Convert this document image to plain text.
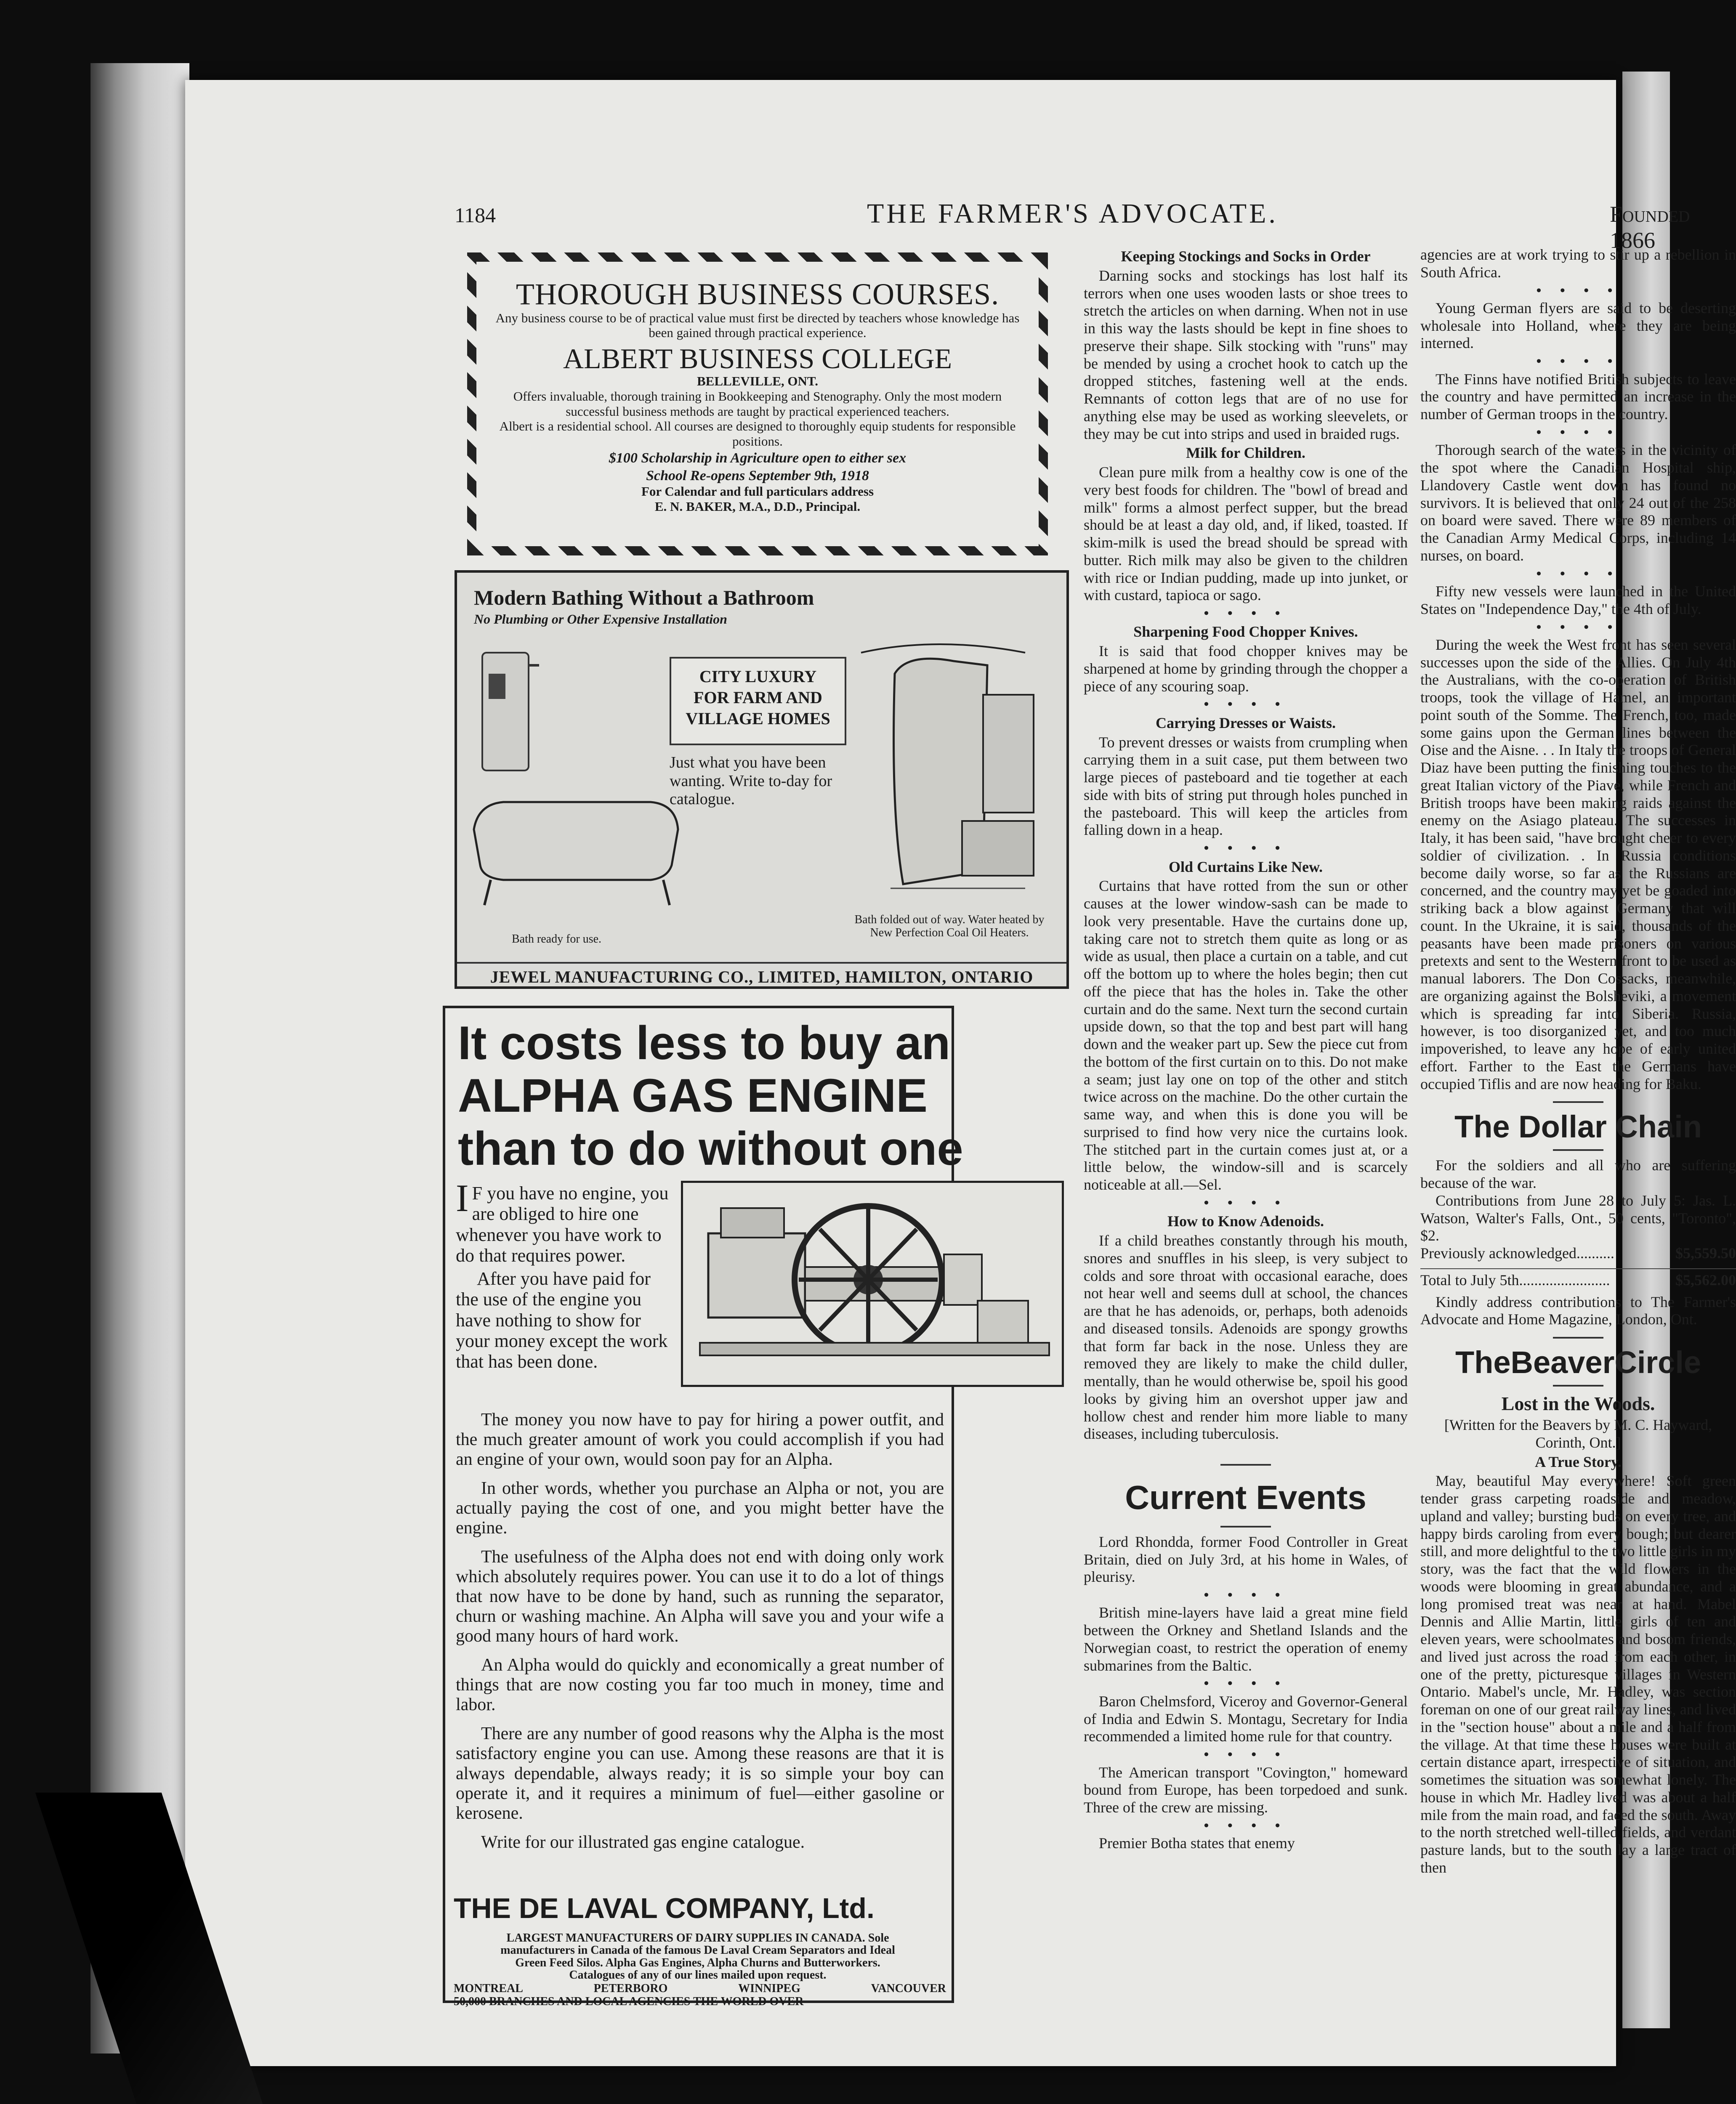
1184	THE FARMER'S ADVOCATE.	Founded 1866

THOROUGH BUSINESS COURSES.

Any business course to be of practical value must first be directed by teachers whose knowledge has been gained through practical experience.

ALBERT BUSINESS COLLEGE

BELLEVILLE, ONT.

Offers invaluable, thorough training in Bookkeeping and Stenography. Only the most modern successful business methods are taught by practical experienced teachers.

Albert is a residential school. All courses are designed to thoroughly equip students for responsible positions.

$100 Scholarship in Agriculture open to either sex

School Re-opens September 9th, 1918

For Calendar and full particulars address

E. N. BAKER, M.A., D.D., Principal.

Modern Bathing Without a Bathroom
No Plumbing or Other Expensive Installation
CITY LUXURY
FOR FARM AND
VILLAGE HOMES
Just what you have been wanting. Write to-day for catalogue.
Bath ready for use.
Bath folded out of way. Water heated by New Perfection Coal Oil Heaters.
JEWEL MANUFACTURING CO., LIMITED, HAMILTON, ONTARIO
It costs less to buy an
ALPHA GAS ENGINE
than to do without one
I F you have no engine, you are obliged to hire one whenever you have work to do that requires power.
After you have paid for the use of the engine you have nothing to show for your money except the work that has been done.

The money you now have to pay for hiring a power outfit, and the much greater amount of work you could accomplish if you had an engine of your own, would soon pay for an Alpha.

In other words, whether you purchase an Alpha or not, you are actually paying the cost of one, and you might better have the engine.

The usefulness of the Alpha does not end with doing only work which absolutely requires power. You can use it to do a lot of things that now have to be done by hand, such as running the separator, churn or washing machine. An Alpha will save you and your wife a good many hours of hard work.

An Alpha would do quickly and economically a great number of things that are now costing you far too much in money, time and labor.

There are any number of good reasons why the Alpha is the most satisfactory engine you can use. Among these reasons are that it is always dependable, always ready; it is so simple your boy can operate it, and it requires a minimum of fuel—either gasoline or kerosene.

Write for our illustrated gas engine catalogue.

THE DE LAVAL COMPANY, Ltd.
LARGEST MANUFACTURERS OF DAIRY SUPPLIES IN CANADA. Sole manufacturers in Canada of the famous De Laval Cream Separators and Ideal Green Feed Silos. Alpha Gas Engines, Alpha Churns and Butterworkers. Catalogues of any of our lines mailed upon request.
MONTREAL	PETERBORO	WINNIPEG	VANCOUVER
50,000 BRANCHES AND LOCAL AGENCIES THE WORLD OVER
Keeping Stockings and Socks in Order

Darning socks and stockings has lost half its terrors when one uses wooden lasts or shoe trees to stretch the articles on when darning. When not in use in this way the lasts should be kept in fine shoes to preserve their shape. Silk stocking with "runs" may be mended by using a crochet hook to catch up the dropped stitches, fastening well at the ends. Remnants of cotton legs that are of no use for anything else may be used as working sleevelets, or they may be cut into strips and used in braided rugs.

Milk for Children.

Clean pure milk from a healthy cow is one of the very best foods for children. The "bowl of bread and milk" forms a almost perfect supper, but the bread should be at least a day old, and, if liked, toasted. If skim-milk is used the bread should be spread with butter. Rich milk may also be given to the children with rice or Indian pudding, made up into junket, or with custard, tapioca or sago.

• • • •
Sharpening Food Chopper Knives.

It is said that food chopper knives may be sharpened at home by grinding through the chopper a piece of any scouring soap.

• • • •
Carrying Dresses or Waists.

To prevent dresses or waists from crumpling when carrying them in a suit case, put them between two large pieces of pasteboard and tie together at each side with bits of string put through holes punched in the pasteboard. This will keep the articles from falling down in a heap.

• • • •
Old Curtains Like New.

Curtains that have rotted from the sun or other causes at the lower window-sash can be made to look very presentable. Have the curtains done up, taking care not to stretch them quite as long or as wide as usual, then place a curtain on a table, and cut off the bottom up to where the holes begin; then cut off the piece that has the holes in. Take the other curtain and do the same. Next turn the second curtain upside down, so that the top and best part will hang down and the weaker part up. Sew the piece cut from the bottom of the first curtain on to this. Do not make a seam; just lay one on top of the other and stitch twice across on the machine. Do the other curtain the same way, and when this is done you will be surprised to find how very nice the curtains look. The stitched part in the curtain comes just at, or a little below, the window-sill and is scarcely noticeable at all.—Sel.

• • • •
How to Know Adenoids.

If a child breathes constantly through his mouth, snores and snuffles in his sleep, is very subject to colds and sore throat with occasional earache, does not hear well and seems dull at school, the chances are that he has adenoids, or, perhaps, both adenoids and diseased tonsils. Adenoids are spongy growths that form far back in the nose. Unless they are removed they are likely to make the child duller, mentally, than he would otherwise be, spoil his good looks by giving him an overshot upper jaw and hollow chest and render him more liable to many diseases, including tuberculosis.

Current Events

Lord Rhondda, former Food Controller in Great Britain, died on July 3rd, at his home in Wales, of pleurisy.

• • • •

British mine-layers have laid a great mine field between the Orkney and Shetland Islands and the Norwegian coast, to restrict the operation of enemy submarines from the Baltic.

• • • •

Baron Chelmsford, Viceroy and Governor-General of India and Edwin S. Montagu, Secretary for India recommended a limited home rule for that country.

• • • •

The American transport "Covington," homeward bound from Europe, has been torpedoed and sunk. Three of the crew are missing.

• • • •

Premier Botha states that enemy

agencies are at work trying to stir up a rebellion in South Africa.

• • • •

Young German flyers are said to be deserting wholesale into Holland, where they are being interned.

• • • •

The Finns have notified British subjects to leave the country and have permitted an increase in the number of German troops in the country.

• • • •

Thorough search of the waters in the vicinity of the spot where the Canadian Hospital ship, Llandovery Castle went down has found no survivors. It is believed that only 24 out of the 258 on board were saved. There were 89 members of the Canadian Army Medical Corps, including 14 nurses, on board.

• • • •

Fifty new vessels were launched in the United States on "Independence Day," the 4th of July.

• • • •

During the week the West front has seen several successes upon the side of the Allies. On July 4th the Australians, with the co-operation of British troops, took the village of Hamel, an important point south of the Somme. The French, too, made some gains upon the German lines between the Oise and the Aisne. . . In Italy the troops of General Diaz have been putting the finishing touches to the great Italian victory of the Piave, while French and British troops have been making raids against the enemy on the Asiago plateau. The successes in Italy, it has been said, "have brought cheer to every soldier of civilization. . In Russia conditions become daily worse, so far as the Russians are concerned, and the country may yet be goaded into striking back a blow against Germany that will count. In the Ukraine, it is said, thousands of the peasants have been made prisoners on various pretexts and sent to the Western front to be used as manual laborers. The Don Cossacks, meanwhile, are organizing against the Bolsheviki, a movement which is spreading far into Siberia. Russia, however, is too disorganized yet, and too much impoverished, to leave any hope of early united effort. Farther to the East the Germans have occupied Tiflis and are now heading for Baku.

The Dollar Chain

For the soldiers and all who are suffering because of the war.

Contributions from June 28 to July 5: Jas. L. Watson, Walter's Falls, Ont., 50 cents, "Toronto", $2.

Previously acknowledged..........	$5,559.50
Total to July 5th........................	$5,562.00

Kindly address contributions to The Farmer's Advocate and Home Magazine, London, Ont.

TheBeaverCircle
Lost in the Woods.
[Written for the Beavers by M. C. Hayward, Corinth, Ont.]
A True Story.

May, beautiful May everywhere! Soft green tender grass carpeting roadside and meadow, upland and valley; bursting buds on every tree, and happy birds caroling from every bough; but dearer still, and more delightful to the two little girls in my story, was the fact that the wild flowers in the woods were blooming in great abundance, and a long promised treat was near at hand. Mabel Dennis and Allie Martin, little girls of ten and eleven years, were schoolmates and bosom friends, and lived just across the road from each other, in one of the pretty, picturesque villages in Western Ontario. Mabel's uncle, Mr. Hadley, was section foreman on one of our great railway lines, and lived in the "section house" about a mile and a half from the village. At that time these houses were built at certain distance apart, irrespective of situation, and sometimes the situation was somewhat lonely. The house in which Mr. Hadley lived was about a half mile from the main road, and faced the south. Away to the north stretched well-tilled fields, and verdant pasture lands, but to the south lay a large tract of then
